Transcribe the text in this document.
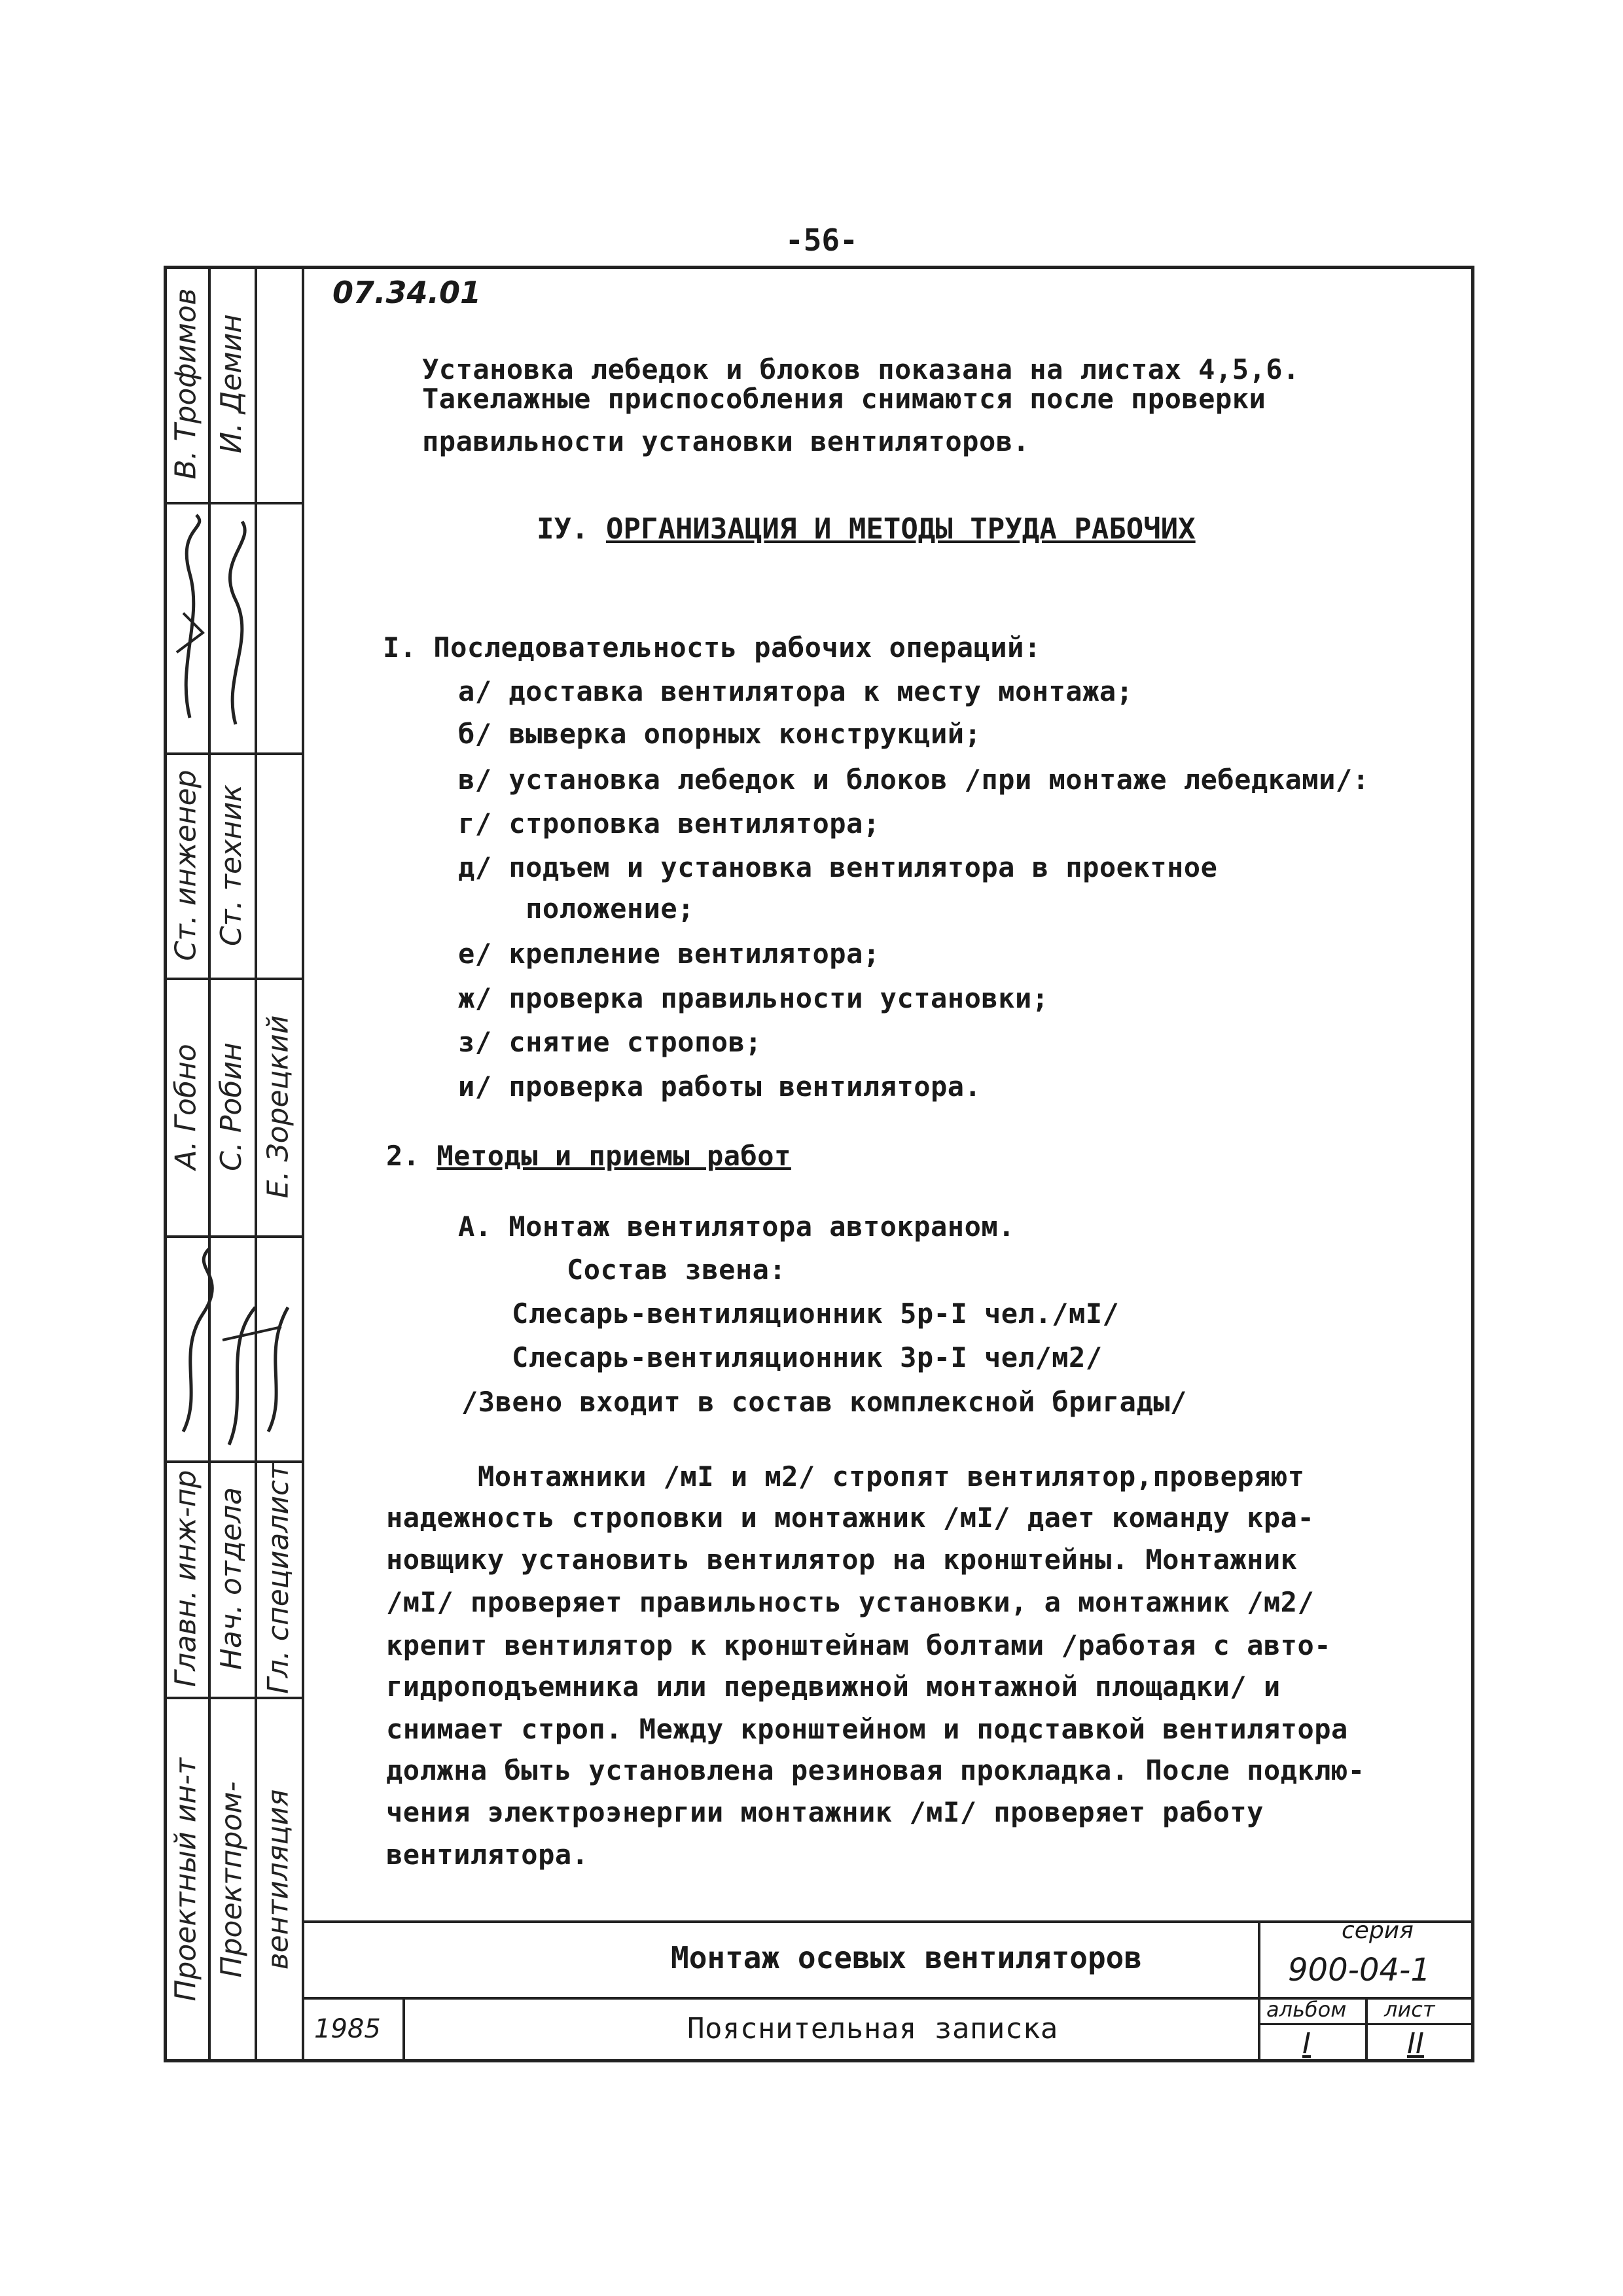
-56-
В. Трофимов И. Демин
Ст. инженер Ст. техник
А. Гобно С. Робин Е. Зорецкий
Главн. инж-пр Нач. отдела Гл. специалист
Проектный ин-т Проектпром- вентиляция
07.34.01
Установка лебедок и блоков показана на листах 4,5,6.
Такелажные приспособления снимаются после проверки
правильности установки вентиляторов.
IУ. ОРГАНИЗАЦИЯ И МЕТОДЫ ТРУДА РАБОЧИХ
I. Последовательность рабочих операций:
а/ доставка вентилятора к месту монтажа;
б/ выверка опорных конструкций;
в/ установка лебедок и блоков /при монтаже лебедками/:
г/ строповка вентилятора;
д/ подъем и установка вентилятора в проектное
положение;
е/ крепление вентилятора;
ж/ проверка правильности установки;
з/ снятие стропов;
и/ проверка работы вентилятора.
2. Методы и приемы работ
А. Монтаж вентилятора автокраном.
Состав звена:
Слесарь-вентиляционник 5р-I чел./мI/
Слесарь-вентиляционник 3р-I чел/м2/
/Звено входит в состав комплексной бригады/
Монтажники /мI и м2/ стропят вентилятор,проверяют
надежность строповки и монтажник /мI/ дает команду кра-
новщику установить вентилятор на кронштейны. Монтажник
/мI/ проверяет правильность установки, а монтажник /м2/
крепит вентилятор к кронштейнам болтами /работая с авто-
гидроподъемника или передвижной монтажной площадки/ и
снимает строп. Между кронштейном и подставкой вентилятора
должна быть установлена резиновая прокладка. После подклю-
чения электроэнергии монтажник /мI/ проверяет работу
вентилятора.
Монтаж осевых вентиляторов
серия
900-04-1
1985	Пояснительная записка
альбом
I
лист
II
